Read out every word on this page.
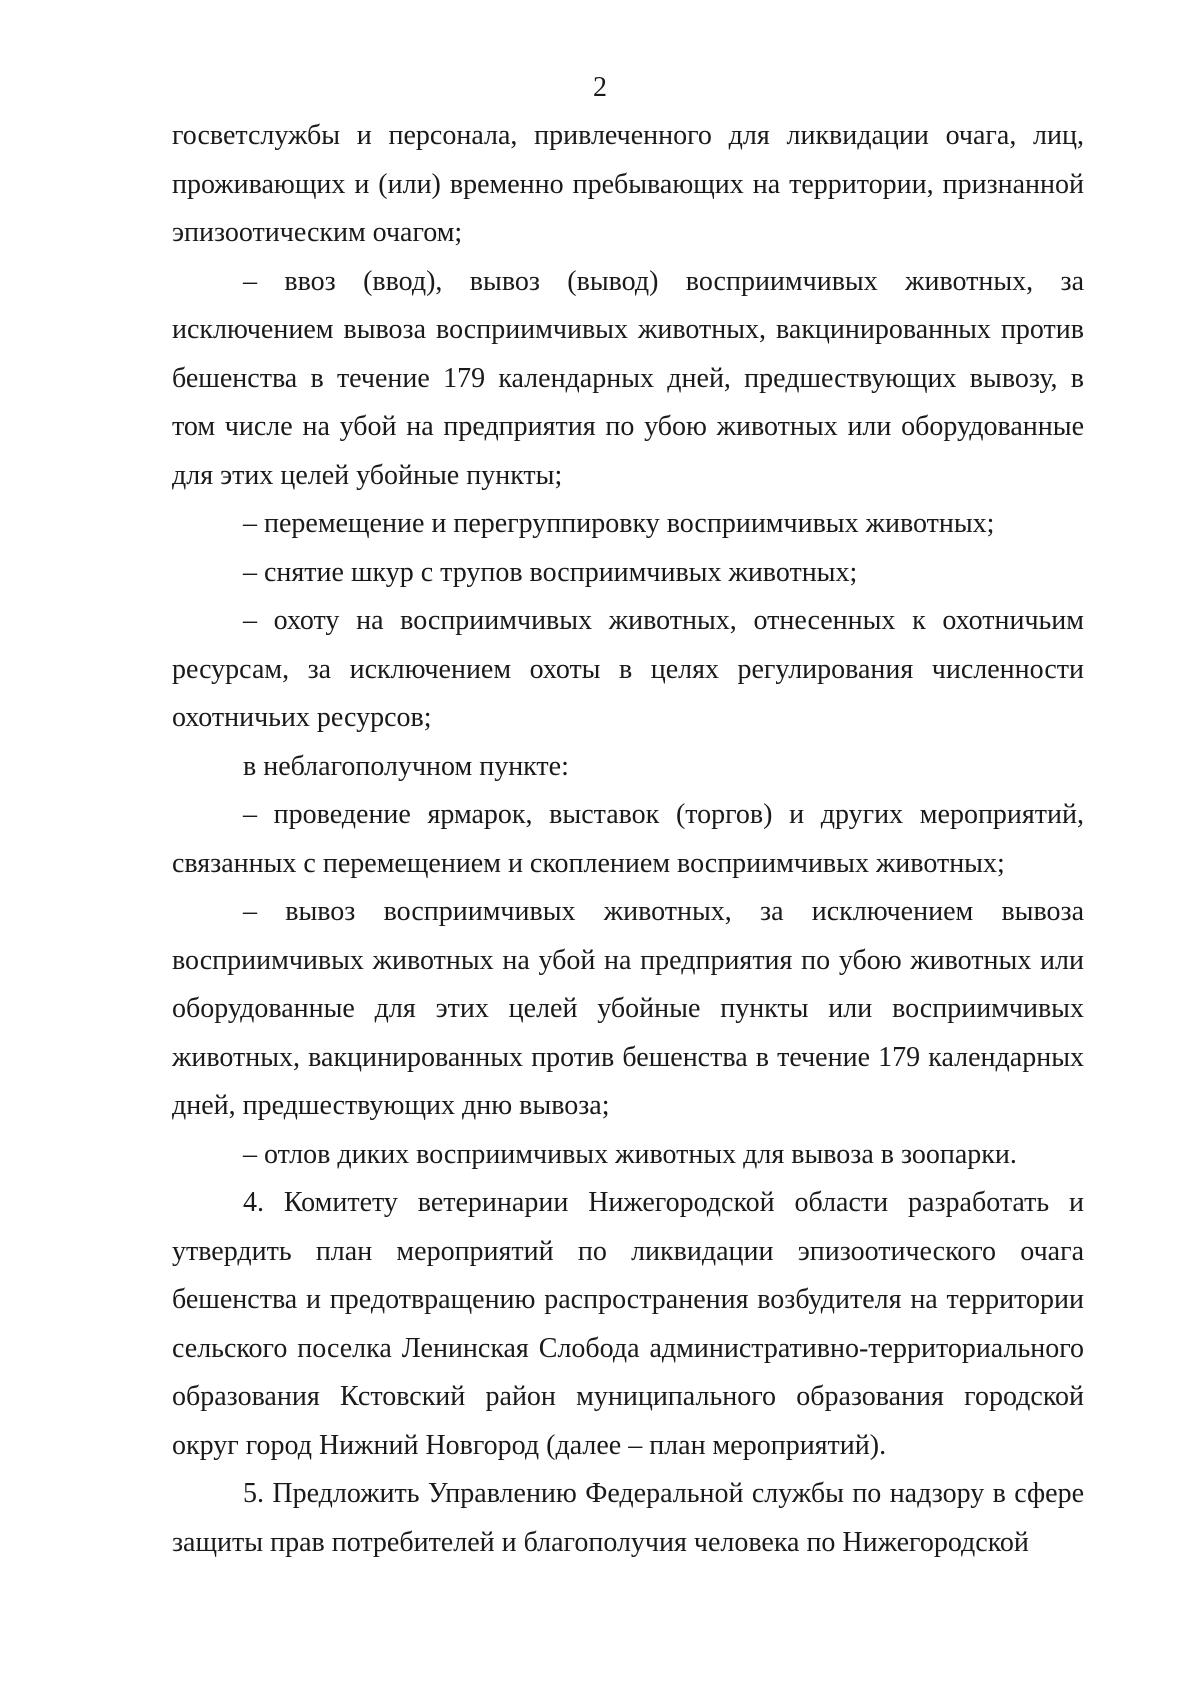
2

госветслужбы и персонала, привлеченного для ликвидации очага, лиц, проживающих и (или) временно пребывающих на территории, признанной эпизоотическим очагом;

– ввоз (ввод), вывоз (вывод) восприимчивых животных, за исключением вывоза восприимчивых животных, вакцинированных против бешенства в течение 179 календарных дней, предшествующих вывозу, в том числе на убой на предприятия по убою животных или оборудованные для этих целей убойные пункты;

– перемещение и перегруппировку восприимчивых животных;

– снятие шкур с трупов восприимчивых животных;

– охоту на восприимчивых животных, отнесенных к охотничьим ресурсам, за исключением охоты в целях регулирования численности охотничьих ресурсов;

в неблагополучном пункте:

– проведение ярмарок, выставок (торгов) и других мероприятий, связанных с перемещением и скоплением восприимчивых животных;

– вывоз восприимчивых животных, за исключением вывоза восприимчивых животных на убой на предприятия по убою животных или оборудованные для этих целей убойные пункты или восприимчивых животных, вакцинированных против бешенства в течение 179 календарных дней, предшествующих дню вывоза;

– отлов диких восприимчивых животных для вывоза в зоопарки.

4. Комитету ветеринарии Нижегородской области разработать и утвердить план мероприятий по ликвидации эпизоотического очага бешенства и предотвращению распространения возбудителя на территории сельского поселка Ленинская Слобода административно-территориального образования Кстовский район муниципального образования городской округ город Нижний Новгород (далее – план мероприятий).

5. Предложить Управлению Федеральной службы по надзору в сфере защиты прав потребителей и благополучия человека по Нижегородской
